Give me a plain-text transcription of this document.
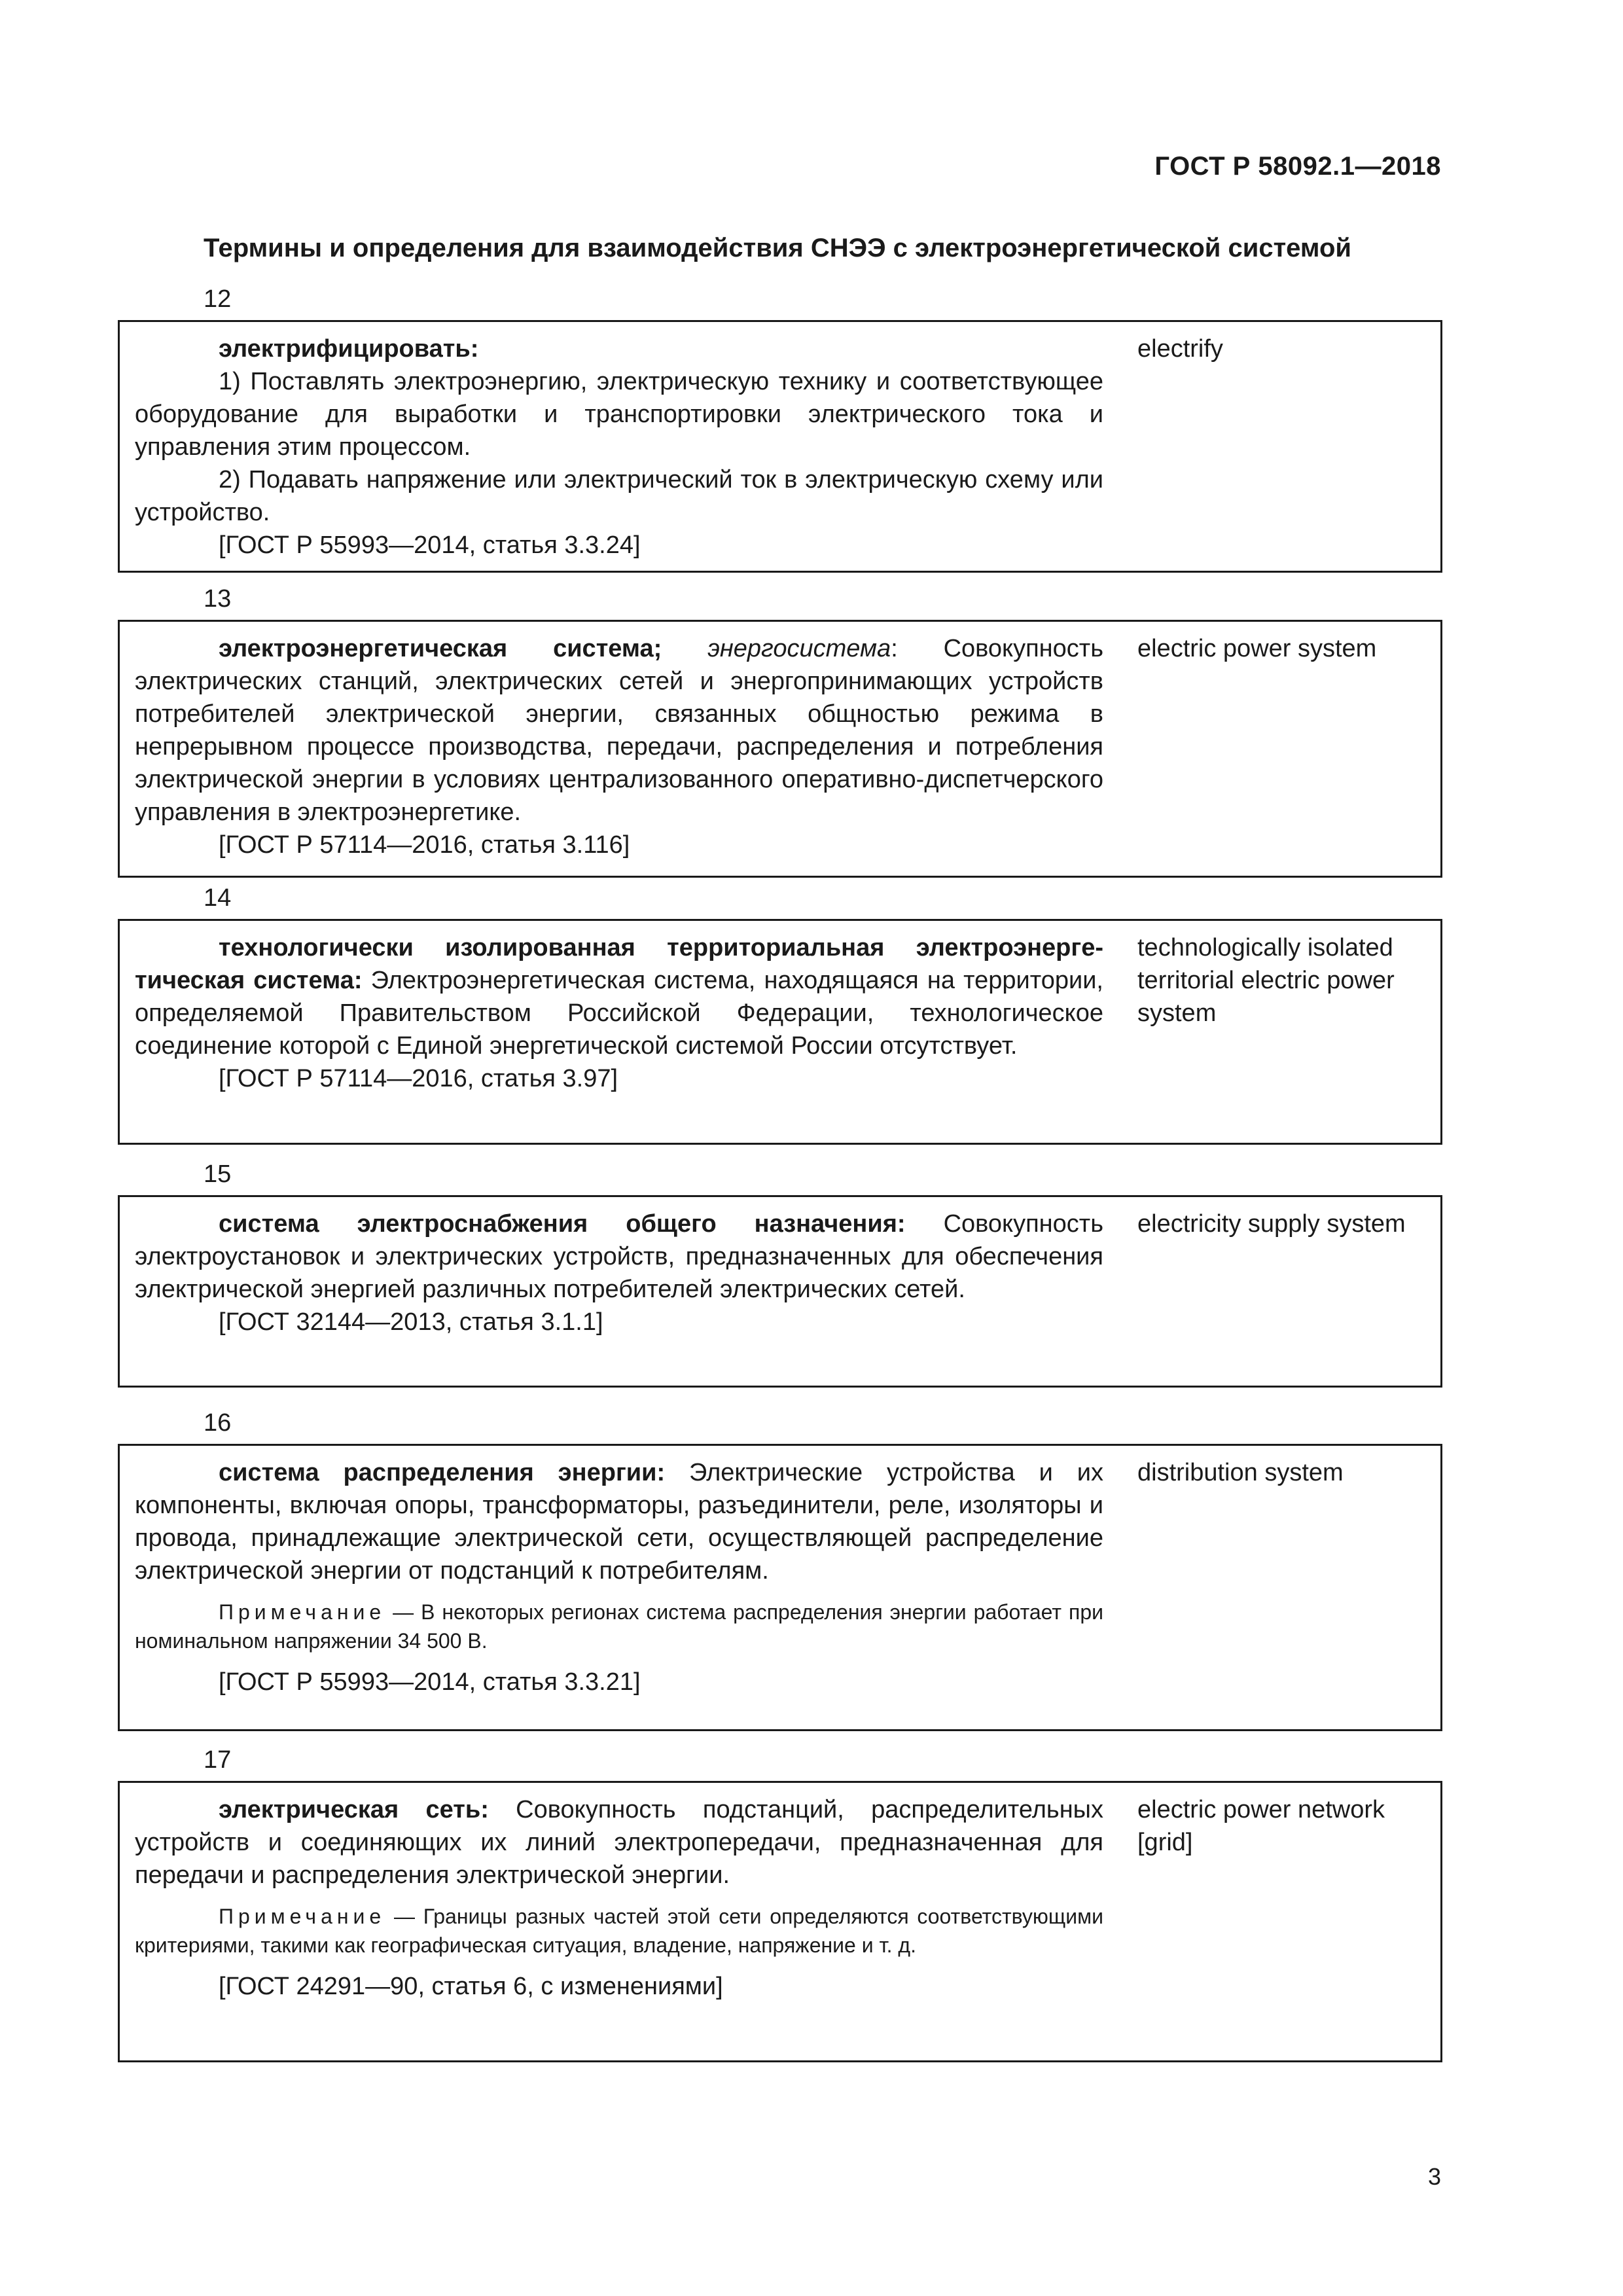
ГОСТ Р 58092.1—2018
Термины и определения для взаимодействия СНЭЭ с электроэнергетической системой
12

электрифицировать:

1) Поставлять электроэнергию, электрическую технику и соответствующее оборудование для выработки и транспортировки электрического тока и управления этим процессом.

2) Подавать напряжение или электрический ток в электрическую схему или устройство.

[ГОСТ Р 55993—2014, статья 3.3.24]

electrify
13

электроэнергетическая система; энергосистема: Совокупность электрических станций, электрических сетей и энергопринимающих устройств потребителей электрической энергии, связанных общностью режима в непрерывном процессе производства, передачи, распределения и потребления электрической энергии в условиях централизованного оперативно-диспетчерского управления в электроэнергетике.

[ГОСТ Р 57114—2016, статья 3.116]

electric power system
14

технологически изолированная территориальная электроэнергетическая система: Электроэнергетическая система, находящаяся на территории, определяемой Правительством Российской Федерации, технологическое соединение которой с Единой энергетической системой России отсутствует.

[ГОСТ Р 57114—2016, статья 3.97]

technologically isolated territorial electric power system
15

система электроснабжения общего назначения: Совокупность электроустановок и электрических устройств, предназначенных для обеспечения электрической энергией различных потребителей электрических сетей.

[ГОСТ 32144—2013, статья 3.1.1]

electricity supply system
16

система распределения энергии: Электрические устройства и их компоненты, включая опоры, трансформаторы, разъединители, реле, изоляторы и провода, принадлежащие электрической сети, осуществляющей распределение электрической энергии от подстанций к потребителям.

Примечание — В некоторых регионах система распределения энергии работает при номинальном напряжении 34 500 В.

[ГОСТ Р 55993—2014, статья 3.3.21]

distribution system
17

электрическая сеть: Совокупность подстанций, распределительных устройств и соединяющих их линий электропередачи, предназначенная для передачи и распределения электрической энергии.

Примечание — Границы разных частей этой сети определяются соответствующими критериями, такими как географическая ситуация, владение, напряжение и т. д.

[ГОСТ 24291—90, статья 6, с изменениями]

electric power network [grid]
3
